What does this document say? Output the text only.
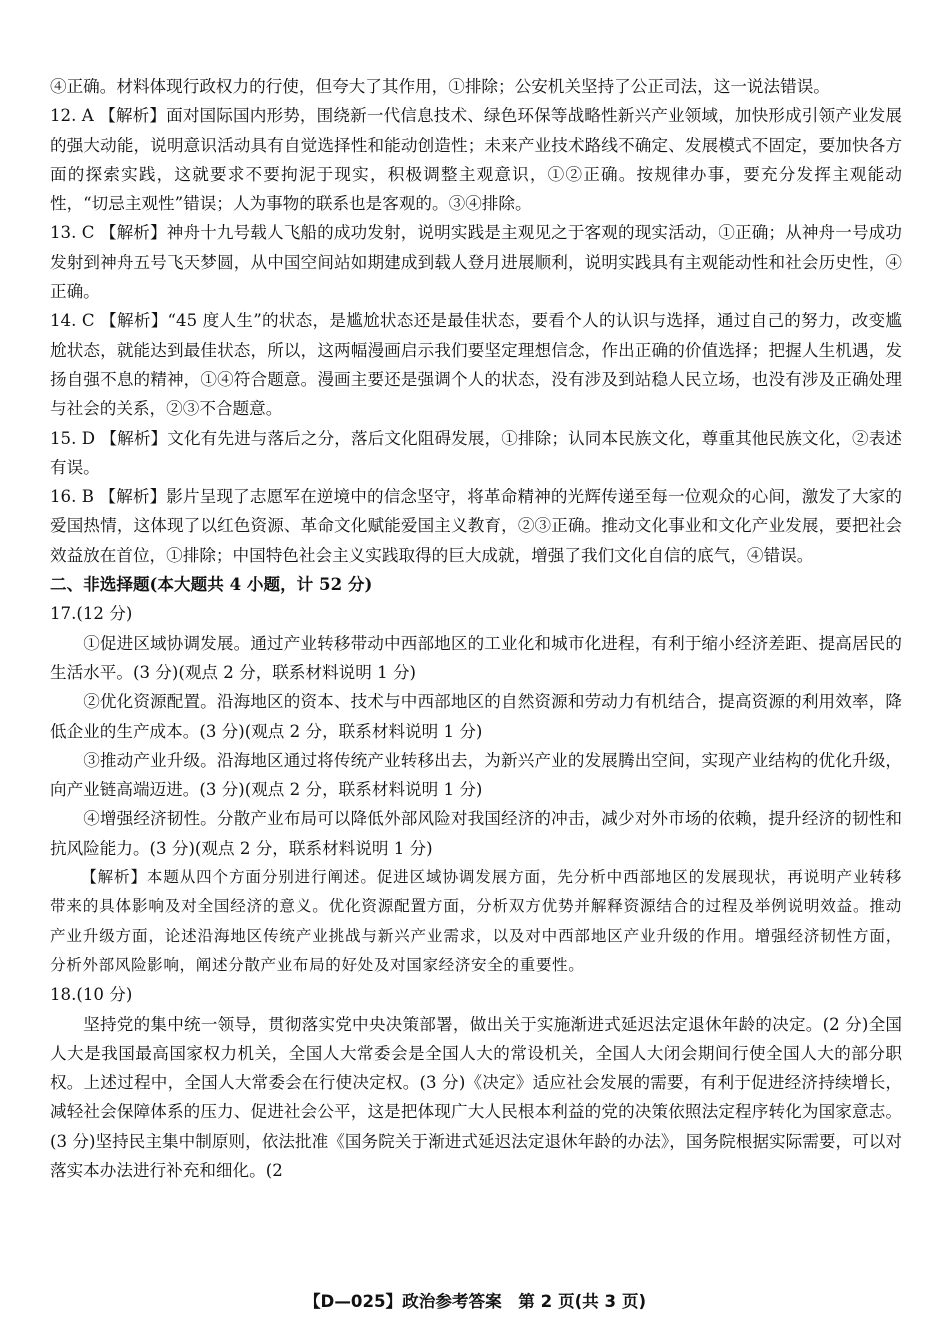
④正确。材料体现行政权力的行使，但夸大了其作用，①排除；公安机关坚持了公正司法，这一说法错误。

12. A 【解析】面对国际国内形势，围绕新一代信息技术、绿色环保等战略性新兴产业领域，加快形成引领产业发展的强大动能，说明意识活动具有自觉选择性和能动创造性；未来产业技术路线不确定、发展模式不固定，要加快各方面的探索实践，这就要求不要拘泥于现实，积极调整主观意识，①②正确。按规律办事，要充分发挥主观能动性，“切忌主观性”错误；人为事物的联系也是客观的。③④排除。

13. C 【解析】神舟十九号载人飞船的成功发射，说明实践是主观见之于客观的现实活动，①正确；从神舟一号成功发射到神舟五号飞天梦圆，从中国空间站如期建成到载人登月进展顺利，说明实践具有主观能动性和社会历史性，④正确。

14. C 【解析】“45 度人生”的状态，是尴尬状态还是最佳状态，要看个人的认识与选择，通过自己的努力，改变尴尬状态，就能达到最佳状态，所以，这两幅漫画启示我们要坚定理想信念，作出正确的价值选择；把握人生机遇，发扬自强不息的精神，①④符合题意。漫画主要还是强调个人的状态，没有涉及到站稳人民立场，也没有涉及正确处理与社会的关系，②③不合题意。

15. D 【解析】文化有先进与落后之分，落后文化阻碍发展，①排除；认同本民族文化，尊重其他民族文化，②表述有误。

16. B 【解析】影片呈现了志愿军在逆境中的信念坚守，将革命精神的光辉传递至每一位观众的心间，激发了大家的爱国热情，这体现了以红色资源、革命文化赋能爱国主义教育，②③正确。推动文化事业和文化产业发展，要把社会效益放在首位，①排除；中国特色社会主义实践取得的巨大成就，增强了我们文化自信的底气，④错误。

二、非选择题(本大题共 4 小题，计 52 分)

17.(12 分)

①促进区域协调发展。通过产业转移带动中西部地区的工业化和城市化进程，有利于缩小经济差距、提高居民的生活水平。(3 分)(观点 2 分，联系材料说明 1 分)

②优化资源配置。沿海地区的资本、技术与中西部地区的自然资源和劳动力有机结合，提高资源的利用效率，降低企业的生产成本。(3 分)(观点 2 分，联系材料说明 1 分)

③推动产业升级。沿海地区通过将传统产业转移出去，为新兴产业的发展腾出空间，实现产业结构的优化升级，向产业链高端迈进。(3 分)(观点 2 分，联系材料说明 1 分)

④增强经济韧性。分散产业布局可以降低外部风险对我国经济的冲击，减少对外市场的依赖，提升经济的韧性和抗风险能力。(3 分)(观点 2 分，联系材料说明 1 分)

【解析】本题从四个方面分别进行阐述。促进区域协调发展方面，先分析中西部地区的发展现状，再说明产业转移带来的具体影响及对全国经济的意义。优化资源配置方面，分析双方优势并解释资源结合的过程及举例说明效益。推动产业升级方面，论述沿海地区传统产业挑战与新兴产业需求，以及对中西部地区产业升级的作用。增强经济韧性方面，分析外部风险影响，阐述分散产业布局的好处及对国家经济安全的重要性。

18.(10 分)

坚持党的集中统一领导，贯彻落实党中央决策部署，做出关于实施渐进式延迟法定退休年龄的决定。(2 分)全国人大是我国最高国家权力机关，全国人大常委会是全国人大的常设机关，全国人大闭会期间行使全国人大的部分职权。上述过程中，全国人大常委会在行使决定权。(3 分)《决定》适应社会发展的需要，有利于促进经济持续增长，减轻社会保障体系的压力、促进社会公平，这是把体现广大人民根本利益的党的决策依照法定程序转化为国家意志。(3 分)坚持民主集中制原则，依法批准《国务院关于渐进式延迟法定退休年龄的办法》，国务院根据实际需要，可以对落实本办法进行补充和细化。(2

【D—025】政治参考答案　第 2 页(共 3 页)
